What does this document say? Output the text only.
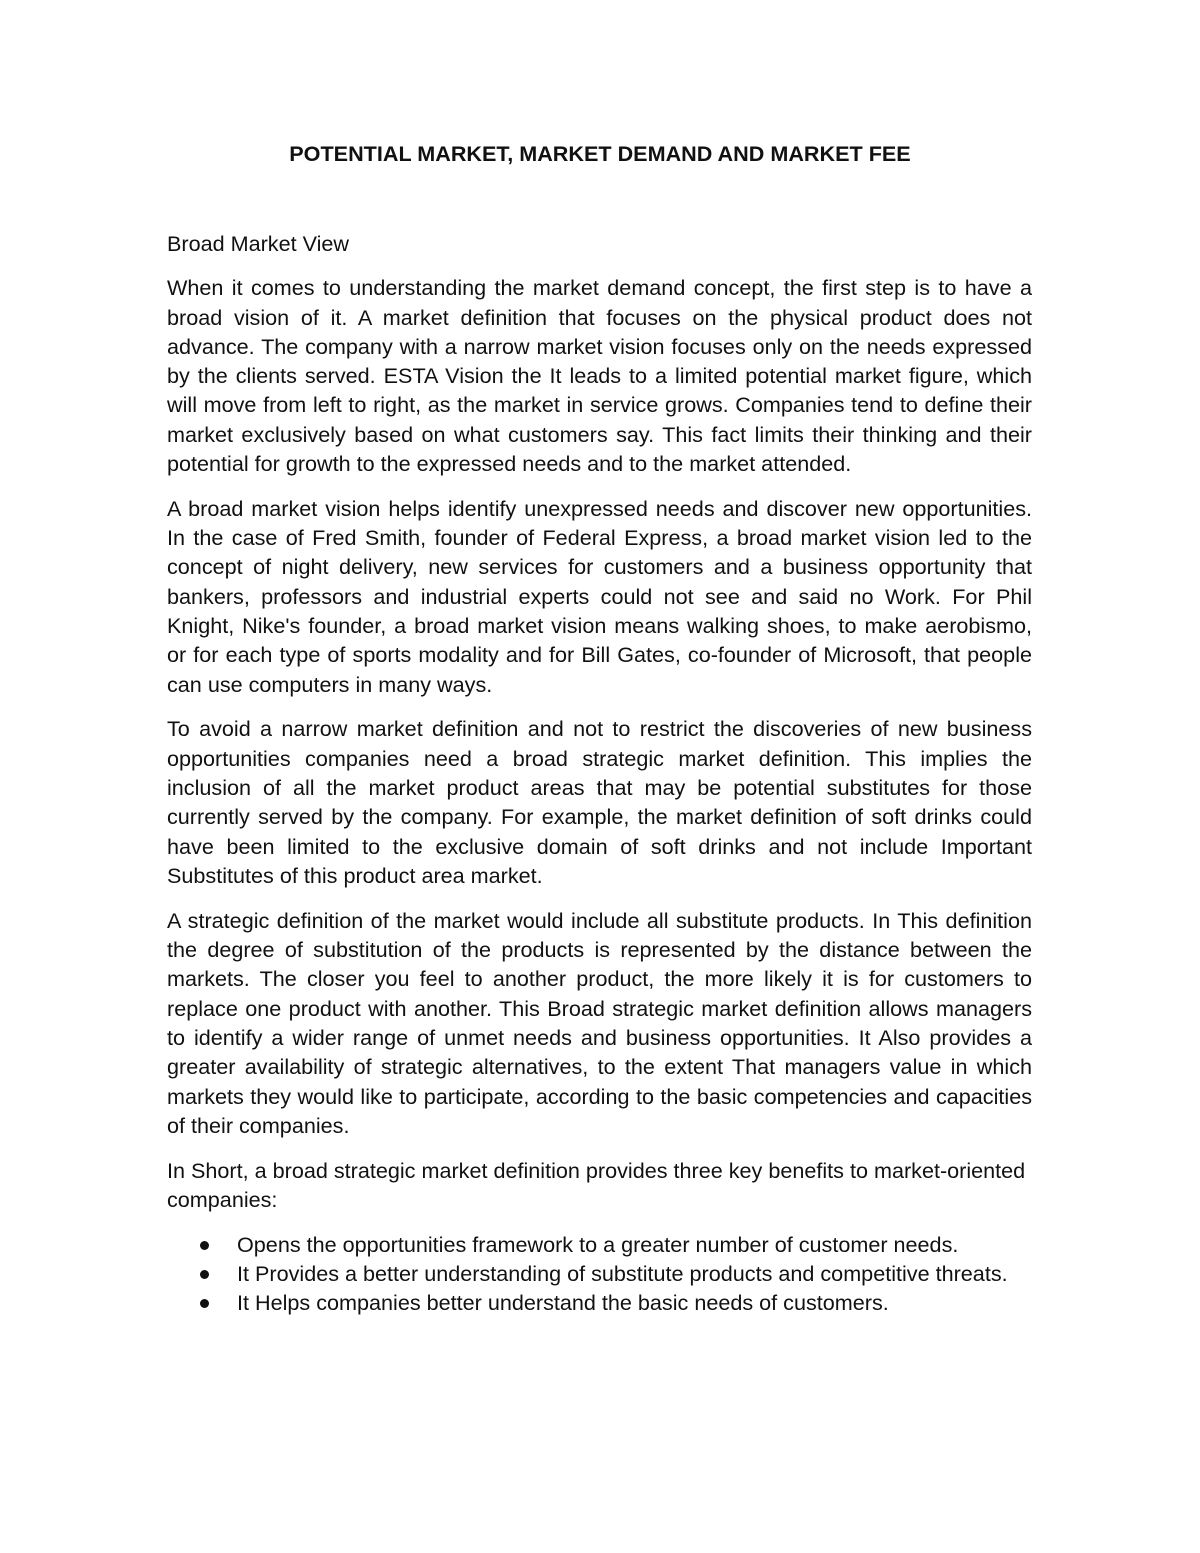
POTENTIAL MARKET, MARKET DEMAND AND MARKET FEE
Broad Market View

When it comes to understanding the market demand concept, the first step is to have a broad vision of it. A market definition that focuses on the physical product does not advance. The company with a narrow market vision focuses only on the needs expressed by the clients served. ESTA Vision the It leads to a limited potential market figure, which will move from left to right, as the market in service grows. Companies tend to define their market exclusively based on what customers say. This fact limits their thinking and their potential for growth to the expressed needs and to the market attended.

A broad market vision helps identify unexpressed needs and discover new opportunities. In the case of Fred Smith, founder of Federal Express, a broad market vision led to the concept of night delivery, new services for customers and a business opportunity that bankers, professors and industrial experts could not see and said no Work. For Phil Knight, Nike's founder, a broad market vision means walking shoes, to make aerobismo, or for each type of sports modality and for Bill Gates, co-founder of Microsoft, that people can use computers in many ways.

To avoid a narrow market definition and not to restrict the discoveries of new business opportunities companies need a broad strategic market definition. This implies the inclusion of all the market product areas that may be potential substitutes for those currently served by the company. For example, the market definition of soft drinks could have been limited to the exclusive domain of soft drinks and not include Important Substitutes of this product area market.

A strategic definition of the market would include all substitute products. In This definition the degree of substitution of the products is represented by the distance between the markets. The closer you feel to another product, the more likely it is for customers to replace one product with another. This Broad strategic market definition allows managers to identify a wider range of unmet needs and business opportunities. It Also provides a greater availability of strategic alternatives, to the extent That managers value in which markets they would like to participate, according to the basic competencies and capacities of their companies.

In Short, a broad strategic market definition provides three key benefits to market-oriented companies:

Opens the opportunities framework to a greater number of customer needs.
It Provides a better understanding of substitute products and competitive threats.
It Helps companies better understand the basic needs of customers.
